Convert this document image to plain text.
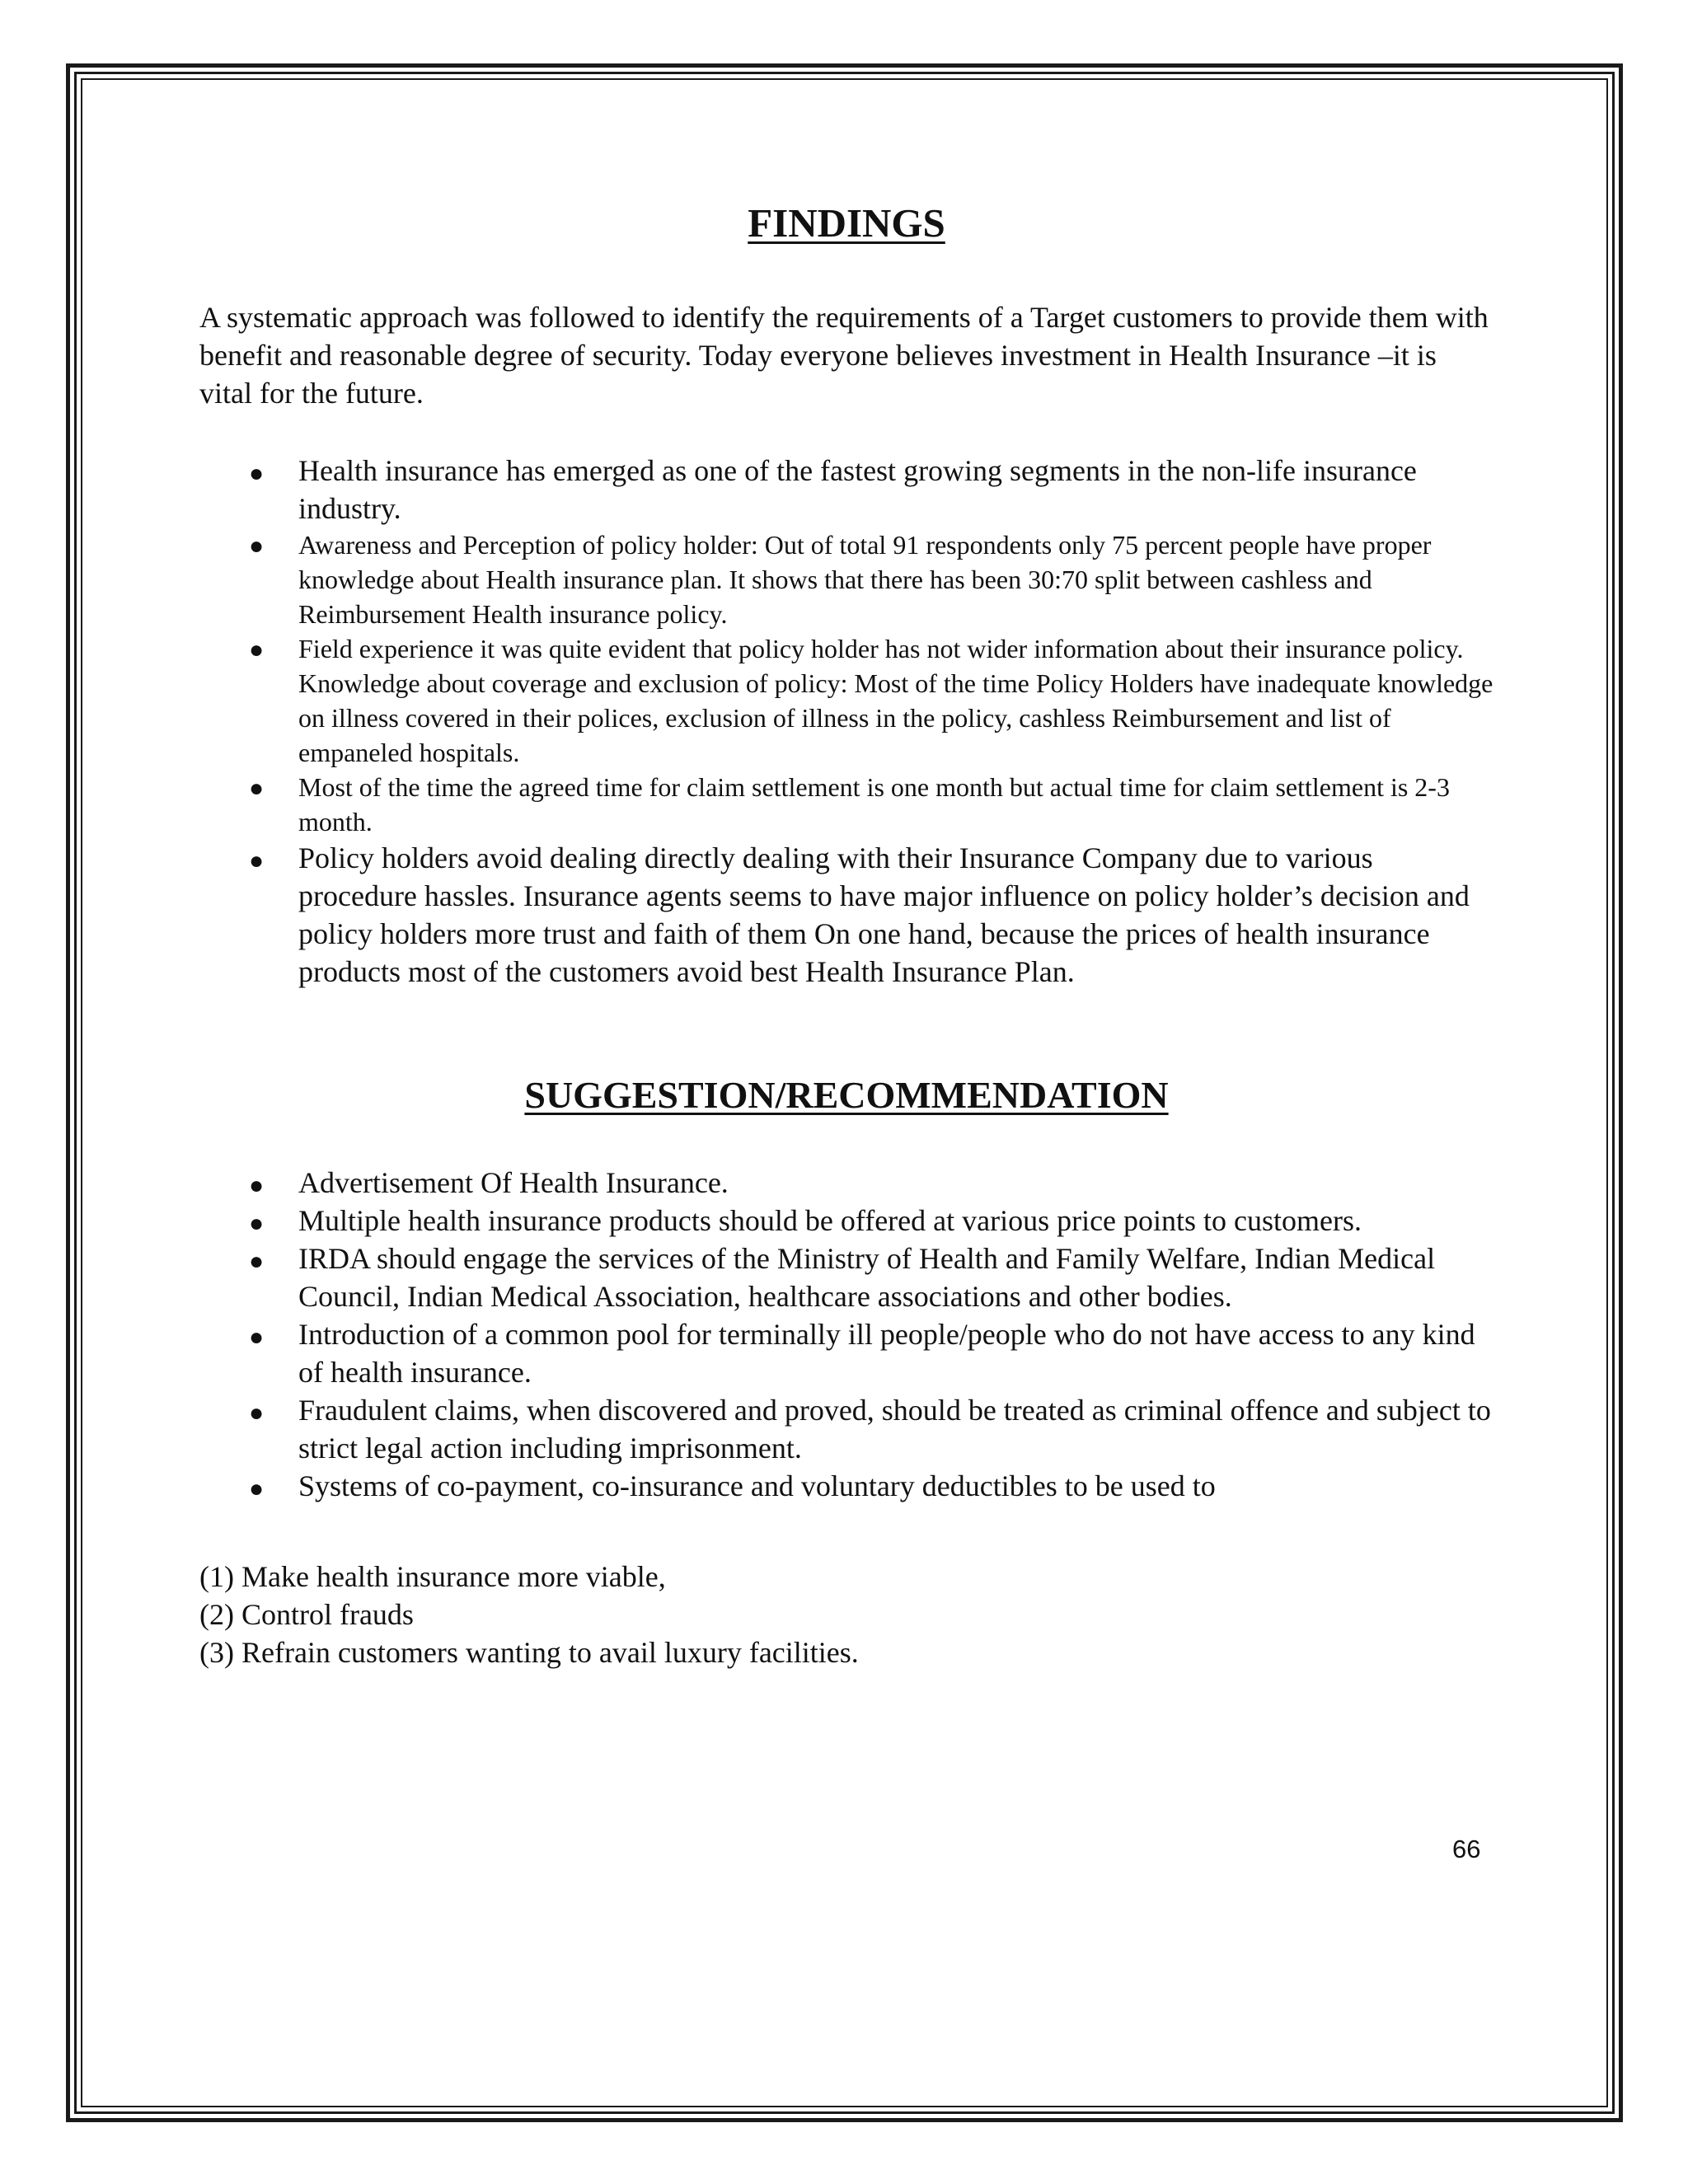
FINDINGS

A systematic approach was followed to identify the requirements of a Target customers to provide them with benefit and reasonable degree of security. Today everyone believes investment in Health Insurance –it is vital for the future.

● Health insurance has emerged as one of the fastest growing segments in the non-life insurance industry.
● Awareness and Perception of policy holder: Out of total 91 respondents only 75 percent people have proper knowledge about Health insurance plan. It shows that there has been 30:70 split between cashless and Reimbursement Health insurance policy.
● Field experience it was quite evident that policy holder has not wider information about their insurance policy. Knowledge about coverage and exclusion of policy: Most of the time Policy Holders have inadequate knowledge on illness covered in their polices, exclusion of illness in the policy, cashless Reimbursement and list of empaneled hospitals.
● Most of the time the agreed time for claim settlement is one month but actual time for claim settlement is 2-3 month.
● Policy holders avoid dealing directly dealing with their Insurance Company due to various procedure hassles. Insurance agents seems to have major influence on policy holder’s decision and policy holders more trust and faith of them On one hand, because the prices of health insurance products most of the customers avoid best Health Insurance Plan.
SUGGESTION/RECOMMENDATION
● Advertisement Of Health Insurance.
● Multiple health insurance products should be offered at various price points to customers.
● IRDA should engage the services of the Ministry of Health and Family Welfare, Indian Medical Council, Indian Medical Association, healthcare associations and other bodies.
● Introduction of a common pool for terminally ill people/people who do not have access to any kind of health insurance.
● Fraudulent claims, when discovered and proved, should be treated as criminal offence and subject to strict legal action including imprisonment.
● Systems of co-payment, co-insurance and voluntary deductibles to be used to
(1) Make health insurance more viable,
(2) Control frauds
(3) Refrain customers wanting to avail luxury facilities.
66
